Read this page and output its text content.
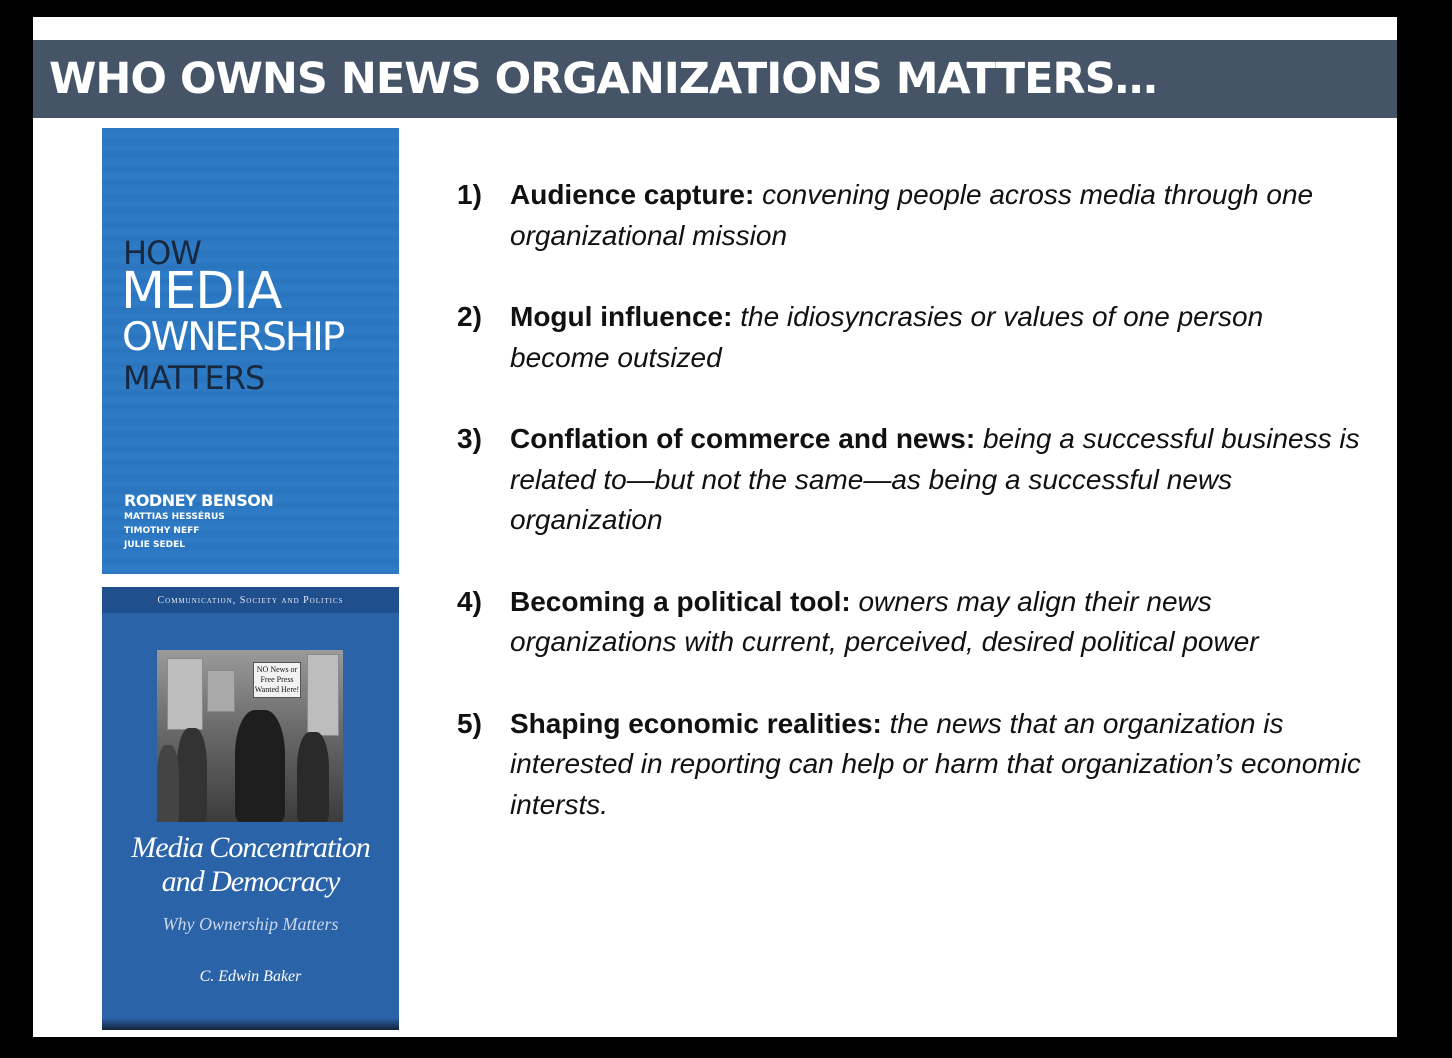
WHO OWNS NEWS ORGANIZATIONS MATTERS…
HOW
MEDIA
OWNERSHIP
MATTERS
RODNEY BENSON
MATTIAS HESSÉRUS
TIMOTHY NEFF
JULIE SEDEL
Communication, Society and Politics
NO News or
Free Press
Wanted Here!
Media Concentration
and Democracy
Why Ownership Matters
C. Edwin Baker
1) Audience capture: convening people across media through one organizational mission
2) Mogul influence: the idiosyncrasies or values of one person become outsized
3) Conflation of commerce and news: being a successful business is related to—but not the same—as being a successful news organization
4) Becoming a political tool: owners may align their news organizations with current, perceived, desired political power
5) Shaping economic realities: the news that an organization is interested in reporting can help or harm that organization’s economic intersts.
